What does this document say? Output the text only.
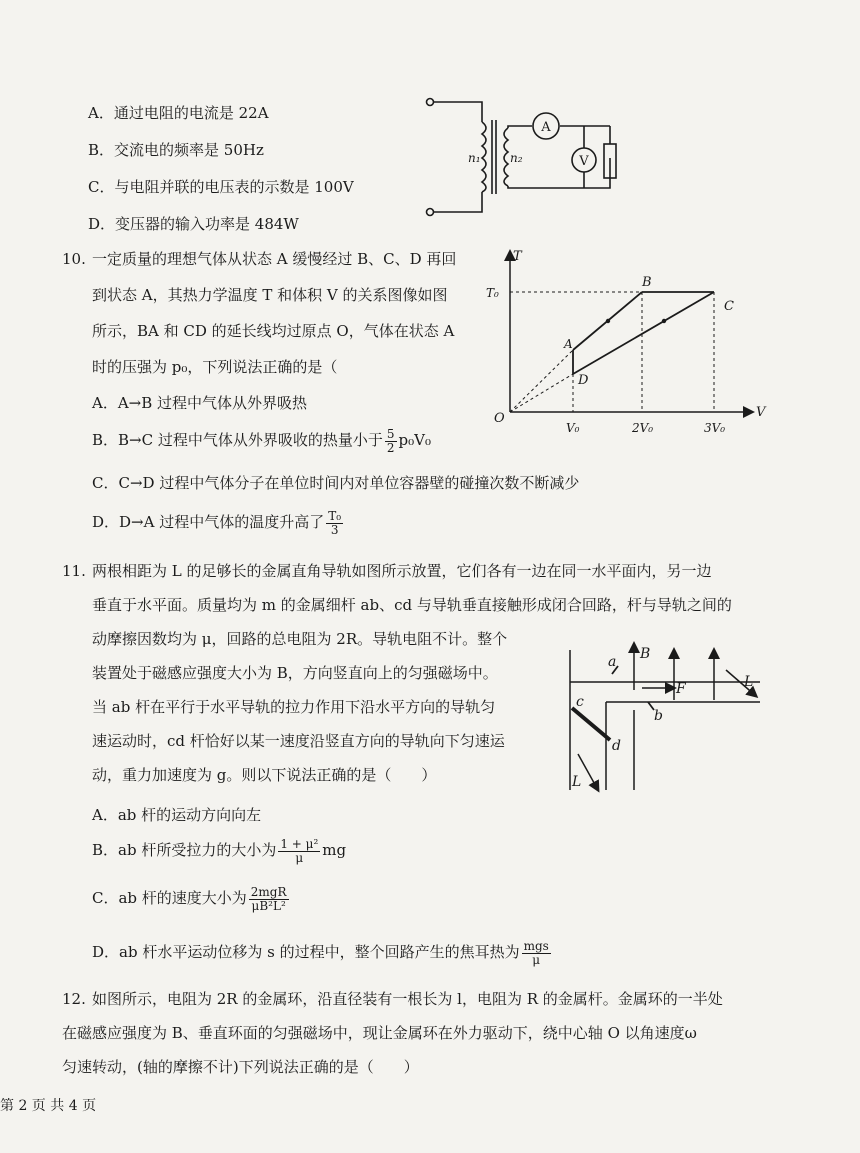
A．通过电阻的电流是 22A
B．交流电的频率是 50Hz
C．与电阻并联的电压表的示数是 100V
D．变压器的输入功率是 484W
A
V
n₁ n₂
10. 一定质量的理想气体从状态 A 缓慢经过 B、C、D 再回
到状态 A，其热力学温度 T 和体积 V 的关系图像如图
所示，BA 和 CD 的延长线均过原点 O，气体在状态 A
时的压强为 p₀，下列说法正确的是（
A．A→B 过程中气体从外界吸热
B．B→C 过程中气体从外界吸收的热量小于 $\frac{5}{2} p_0V_0$
C．C→D 过程中气体分子在单位时间内对单位容器壁的碰撞次数不断减少
D．D→A 过程中气体的温度升高了 $\frac{\text{T₀}}{3}$
T
V
O
T₀
V₀	2V₀	3V₀
A
B
C
D
11. 两根相距为 L 的足够长的金属直角导轨如图所示放置，它们各有一边在同一水平面内，另一边
垂直于水平面。质量均为 m 的金属细杆 ab、cd 与导轨垂直接触形成闭合回路，杆与导轨之间的
动摩擦因数均为 μ，回路的总电阻为 2R。导轨电阻不计。整个
装置处于磁感应强度大小为 B，方向竖直向上的匀强磁场中。
当 ab 杆在平行于水平导轨的拉力作用下沿水平方向的导轨匀
速运动时，cd 杆恰好以某一速度沿竖直方向的导轨向下匀速运
动，重力加速度为 g。则以下说法正确的是（　　）
A．ab 杆的运动方向向左
B．ab 杆所受拉力的大小为 $\frac{\text{1 + μ²}}{\mu}$ mg
C．ab 杆的速度大小为 $\frac{\text{2mgR}}{\text{μB²L²}}$
D．ab 杆水平运动位移为 s 的过程中，整个回路产生的焦耳热为 $\frac{\text{mgs}}{\mu}$
a
b
c
d
B
F	L
L
12. 如图所示，电阻为 2R 的金属环，沿直径装有一根长为 l，电阻为 R 的金属杆。金属环的一半处
在磁感应强度为 B、垂直环面的匀强磁场中，现让金属环在外力驱动下，绕中心轴 O 以角速度ω
匀速转动，(轴的摩擦不计)下列说法正确的是（　　）
第 2 页 共 4 页
